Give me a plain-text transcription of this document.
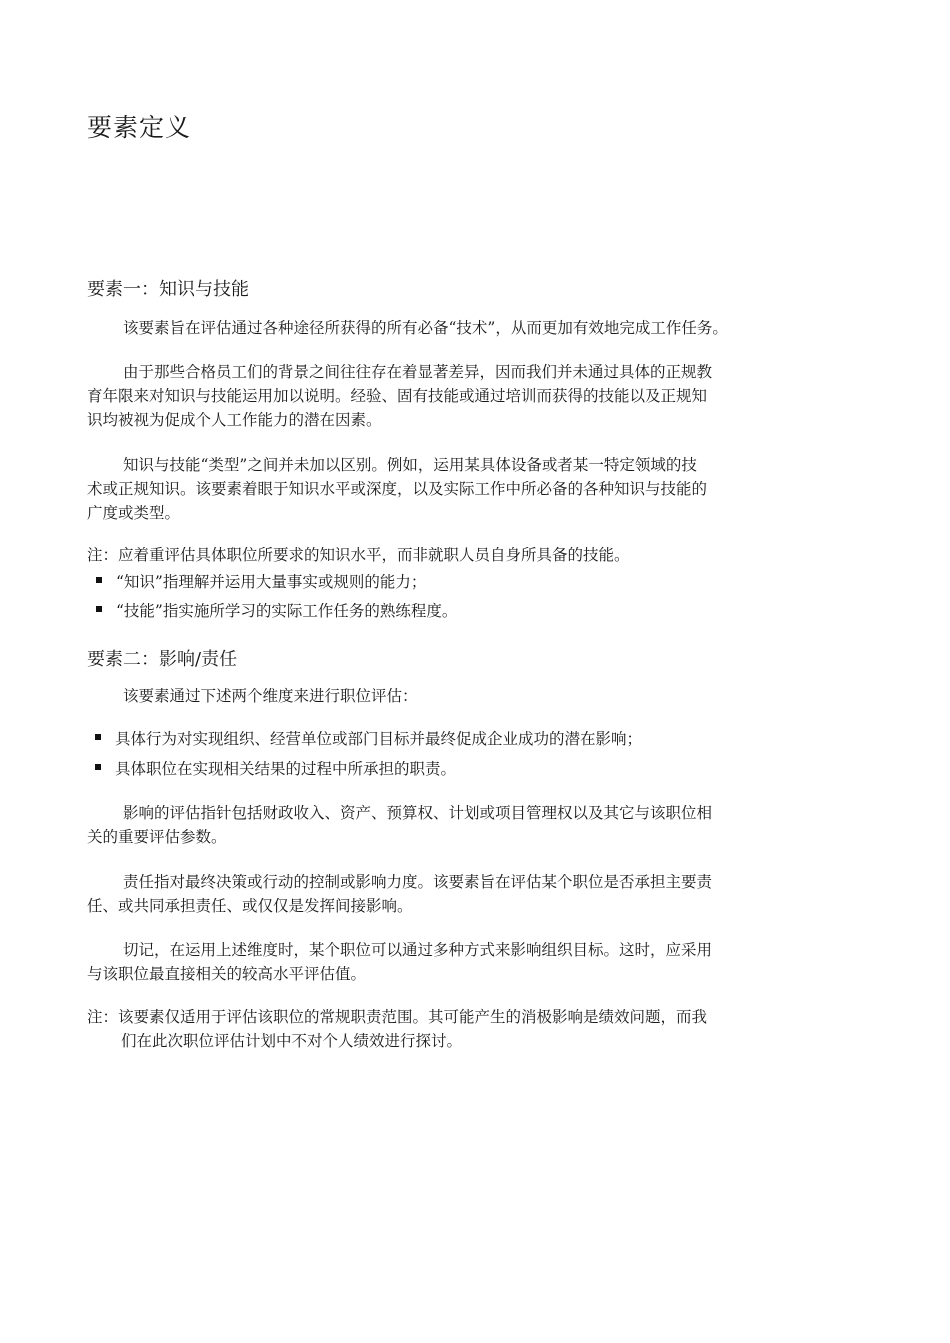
要素定义
要素一：知识与技能
该要素旨在评估通过各种途径所获得的所有必备“技术”，从而更加有效地完成工作任务。
由于那些合格员工们的背景之间往往存在着显著差异，因而我们并未通过具体的正规教
育年限来对知识与技能运用加以说明。经验、固有技能或通过培训而获得的技能以及正规知
识均被视为促成个人工作能力的潜在因素。
知识与技能“类型”之间并未加以区别。例如，运用某具体设备或者某一特定领域的技
术或正规知识。该要素着眼于知识水平或深度，以及实际工作中所必备的各种知识与技能的
广度或类型。
注：应着重评估具体职位所要求的知识水平，而非就职人员自身所具备的技能。
“知识”指理解并运用大量事实或规则的能力；
“技能”指实施所学习的实际工作任务的熟练程度。
要素二：影响/责任
该要素通过下述两个维度来进行职位评估：
具体行为对实现组织、经营单位或部门目标并最终促成企业成功的潜在影响；
具体职位在实现相关结果的过程中所承担的职责。
影响的评估指针包括财政收入、资产、预算权、计划或项目管理权以及其它与该职位相
关的重要评估参数。
责任指对最终决策或行动的控制或影响力度。该要素旨在评估某个职位是否承担主要责
任、或共同承担责任、或仅仅是发挥间接影响。
切记，在运用上述维度时，某个职位可以通过多种方式来影响组织目标。这时，应采用
与该职位最直接相关的较高水平评估值。
注：该要素仅适用于评估该职位的常规职责范围。其可能产生的消极影响是绩效问题，而我
们在此次职位评估计划中不对个人绩效进行探讨。
